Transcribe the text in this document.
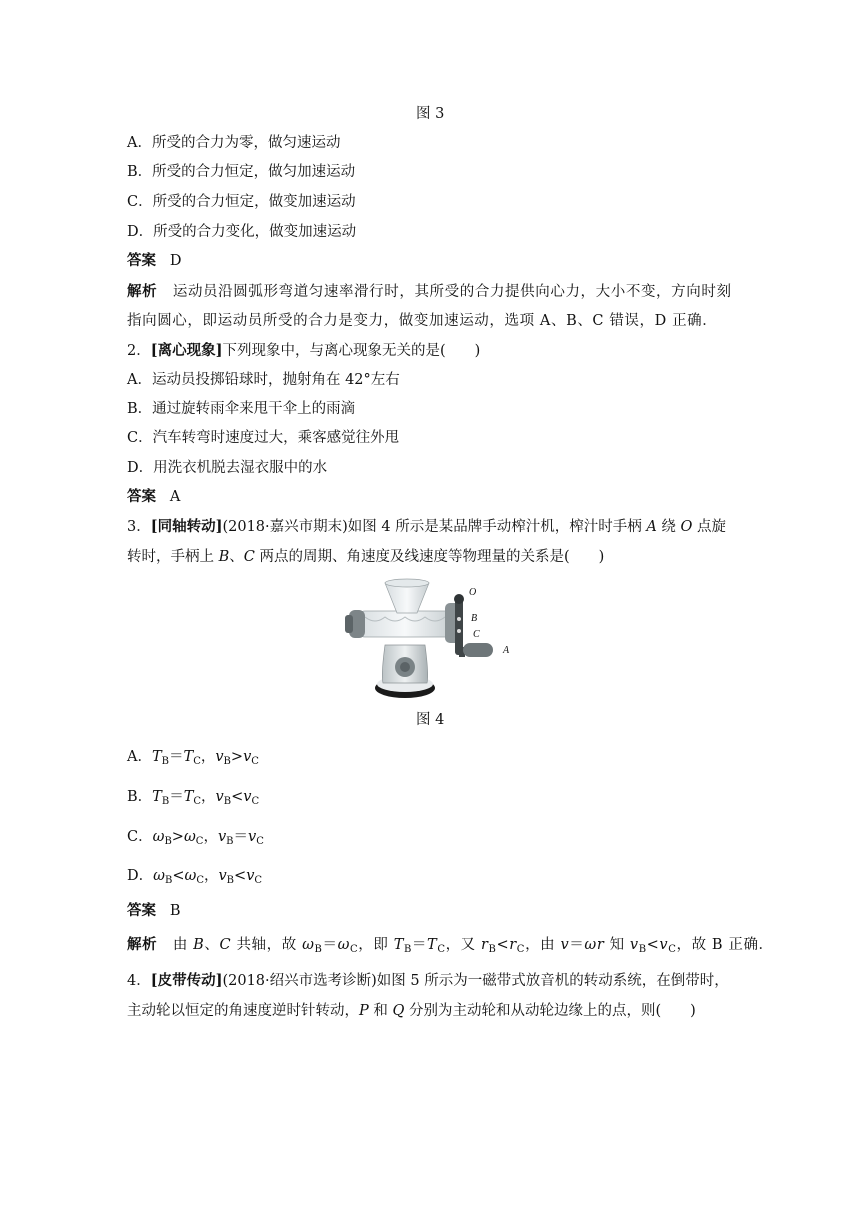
图 3
A．所受的合力为零，做匀速运动
B．所受的合力恒定，做匀加速运动
C．所受的合力恒定，做变加速运动
D．所受的合力变化，做变加速运动
答案 D
解析 运动员沿圆弧形弯道匀速率滑行时，其所受的合力提供向心力，大小不变，方向时刻
指向圆心，即运动员所受的合力是变力，做变加速运动，选项 A、B、C 错误，D 正确．
2．[离心现象]下列现象中，与离心现象无关的是(　　)
A．运动员投掷铅球时，抛射角在 42°左右
B．通过旋转雨伞来甩干伞上的雨滴
C．汽车转弯时速度过大，乘客感觉往外甩
D．用洗衣机脱去湿衣服中的水
答案 A
3．[同轴转动](2018·嘉兴市期末)如图 4 所示是某品牌手动榨汁机，榨汁时手柄 A 绕 O 点旋
转时，手柄上 B、C 两点的周期、角速度及线速度等物理量的关系是(　　)
O
B
C
A
图 4
A．$T_B=T_C$，$v_B>v_C$
B．$T_B=T_C$，$v_B<v_C$
C．$\omega_B>\omega_C$，$v_B=v_C$
D．$\omega_B<\omega_C$，$v_B<v_C$
答案 B
解析 由 B、C 共轴，故 $\omega_B=\omega_C$，即 $T_B=T_C$，又 $r_B<r_C$，由 v＝ωr 知 $v_B<v_C$，故 B 正确．
4．[皮带传动](2018·绍兴市选考诊断)如图 5 所示为一磁带式放音机的转动系统，在倒带时，
主动轮以恒定的角速度逆时针转动，P 和 Q 分别为主动轮和从动轮边缘上的点，则(　　)
